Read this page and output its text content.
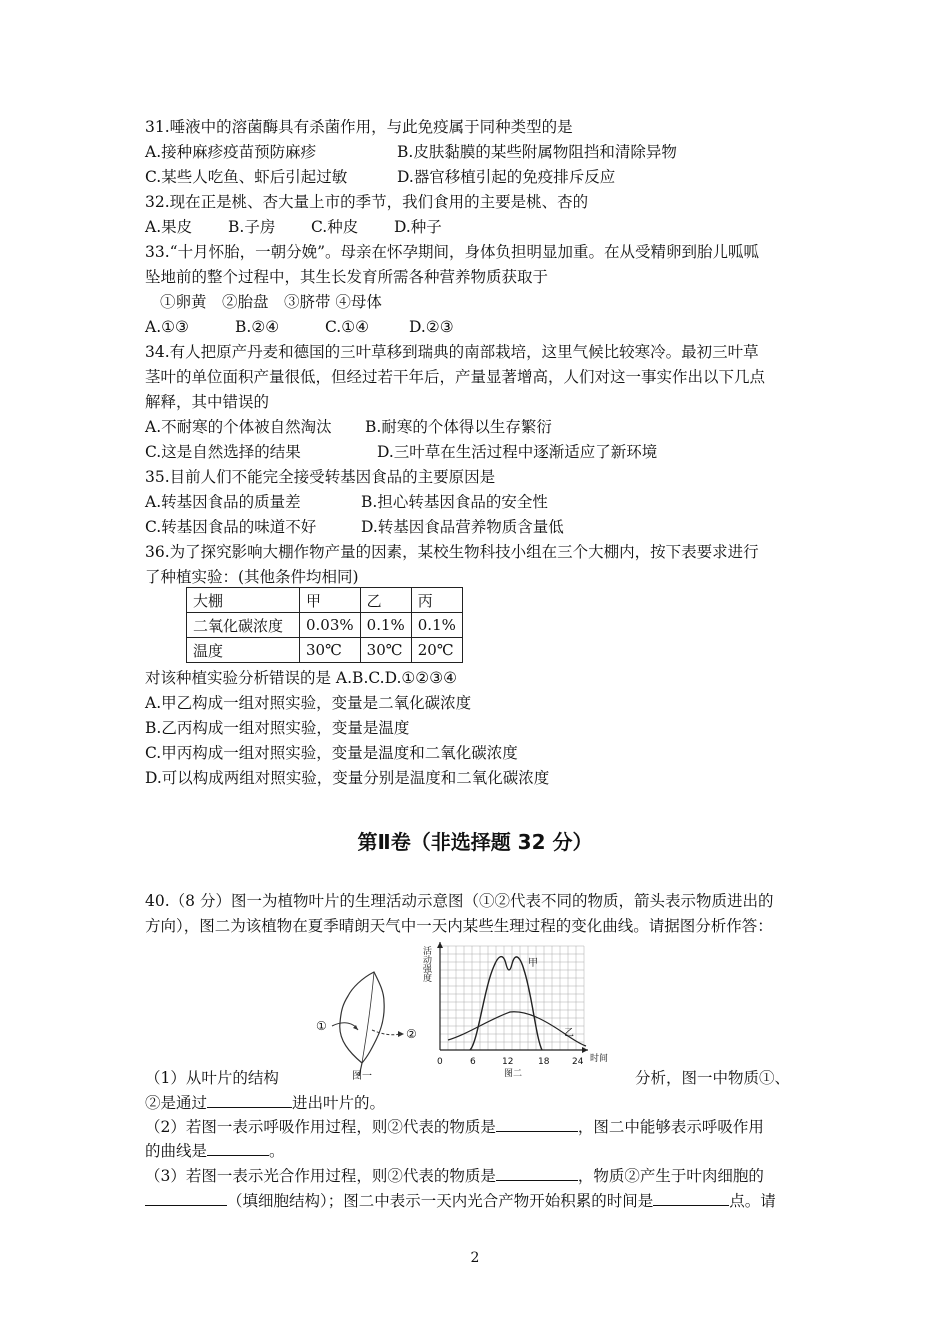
31.唾液中的溶菌酶具有杀菌作用，与此免疫属于同种类型的是
A.接种麻疹疫苗预防麻疹	B.皮肤黏膜的某些附属物阻挡和清除异物
C.某些人吃鱼、虾后引起过敏	D.器官移植引起的免疫排斥反应
32.现在正是桃、杏大量上市的季节，我们食用的主要是桃、杏的
A.果皮 B.子房 C.种皮 D.种子
33.“十月怀胎，一朝分娩”。母亲在怀孕期间，身体负担明显加重。在从受精卵到胎儿呱呱
坠地前的整个过程中，其生长发育所需各种营养物质获取于
①卵黄　②胎盘　③脐带 ④母体
A.①③	B.②④	C.①④	D.②③
34.有人把原产丹麦和德国的三叶草移到瑞典的南部栽培，这里气候比较寒冷。最初三叶草
茎叶的单位面积产量很低，但经过若干年后，产量显著增高，人们对这一事实作出以下几点
解释，其中错误的
A.不耐寒的个体被自然淘汰 B.耐寒的个体得以生存繁衍
C.这是自然选择的结果	D.三叶草在生活过程中逐渐适应了新环境
35.目前人们不能完全接受转基因食品的主要原因是
A.转基因食品的质量差	B.担心转基因食品的安全性
C.转基因食品的味道不好	D.转基因食品营养物质含量低
36.为了探究影响大棚作物产量的因素，某校生物科技小组在三个大棚内，按下表要求进行
了种植实验：(其他条件均相同)
大棚	甲	乙	丙
二氧化碳浓度	0.03%	0.1%	0.1%
温度	30℃	30℃	20℃
对该种植实验分析错误的是 A.B.C.D.①②③④
A.甲乙构成一组对照实验，变量是二氧化碳浓度
B.乙丙构成一组对照实验，变量是温度
C.甲丙构成一组对照实验，变量是温度和二氧化碳浓度
D.可以构成两组对照实验，变量分别是温度和二氧化碳浓度
第Ⅱ卷（非选择题 32 分）
40.（8 分）图一为植物叶片的生理活动示意图（①②代表不同的物质，箭头表示物质进出的
方向），图二为该植物在夏季晴朗天气中一天内某些生理过程的变化曲线。请据图分析作答：
①
②
图一
甲
乙
活动强度
时间
0	6	12	18	24
图二
（1）从叶片的结构	分析，图一中物质①、
②是通过	进出叶片的。
（2）若图一表示呼吸作用过程，则②代表的物质是	，图二中能够表示呼吸作用
的曲线是	。
（3）若图一表示光合作用过程，则②代表的物质是	，物质②产生于叶肉细胞的
（填细胞结构）；图二中表示一天内光合产物开始积累的时间是	点。请
2
